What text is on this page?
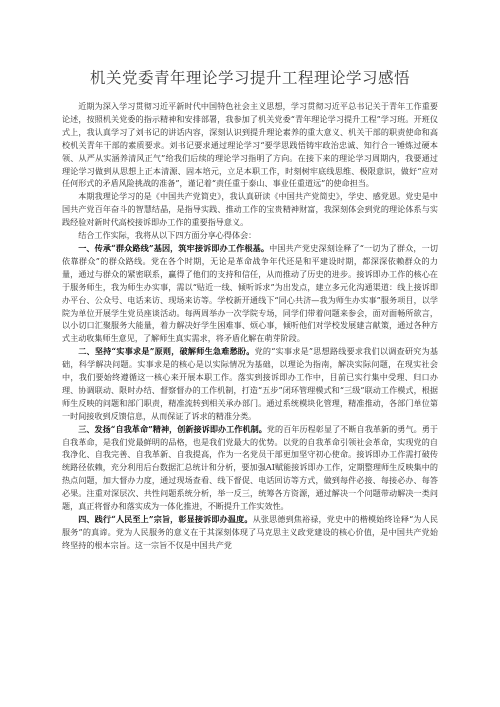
机关党委青年理论学习提升工程理论学习感悟

近期为深入学习贯彻习近平新时代中国特色社会主义思想，学习贯彻习近平总书记关于青年工作重要论述，按照机关党委的指示精神和安排部署，我参加了机关党委“青年理论学习提升工程”学习班。开班仪式上，我认真学习了刘书记的讲话内容，深刻认识到提升理论素养的重大意义、机关干部的职责使命和高校机关青年干部的素质要求。刘书记要求通过理论学习“要学思践悟铸牢政治忠诚、知行合一锤炼过硬本领、从严从实涵养清风正气”给我们后续的理论学习指明了方向。在接下来的理论学习周期内，我要通过理论学习做到从思想上正本清源、固本培元，立足本职工作，时刻树牢底线思维、极限意识，做好“应对任何形式的矛盾风险挑战的准备”，谨记着“责任重于泰山、事业任重道远”的使命担当。

本期我理论学习的是《中国共产党简史》，我认真研读《中国共产党简史》，学史、感党恩。党史是中国共产党百年奋斗的智慧结晶，是指导实践、推动工作的宝贵精神财富，我深刻体会到党的理论体系与实践经验对新时代高校接诉即办工作的重要指导意义。

结合工作实际，我将从以下四方面分享心得体会：

一、传承“群众路线”基因，筑牢接诉即办工作根基。中国共产党史深刻诠释了“一切为了群众，一切依靠群众”的群众路线。党在各个时期，无论是革命战争年代还是和平建设时期，都深深依赖群众的力量，通过与群众的紧密联系，赢得了他们的支持和信任，从而推动了历史的进步。接诉即办工作的核心在于服务师生，我为师生办实事，需以“贴近一线、倾听诉求”为出发点，建立多元化沟通渠道：线上接诉即办平台、公众号、电话来访、现场来访等。学校新开通线下“同心共济—我为师生办实事”服务项目，以学院为单位开展学生党员座谈活动。每两周举办一次学院专场，同学们带着问题来参会，面对面畅所欲言，以小切口汇聚服务大能量，着力解决好学生困难事、烦心事，倾听他们对学校发展建言献策，通过各种方式主动收集师生意见，了解师生真实需求，将矛盾化解在萌芽阶段。

二、坚持“实事求是”原则，破解师生急难愁盼。党的“实事求是”思想路线要求我们以调查研究为基础，科学解决问题。实事求是的核心是以实际情况为基础，以理论为指南，解决实际问题，在现实社会中，我们要始终遵循这一核心来开展本职工作。落实到接诉即办工作中，目前已实行集中受理、归口办理、协调联动、限时办结、督察督办的工作机制，打造“五步”闭环管理模式和“三级”联动工作模式，根据师生反映的问题和部门职责，精准流转到相关承办部门。通过系统模块化管理，精准推动，各部门单位第一时间接收到反馈信息，从而保证了诉求的精准分类。

三、发扬“自我革命”精神，创新接诉即办工作机制。党的百年历程彰显了不断自我革新的勇气。勇于自我革命，是我们党最鲜明的品格，也是我们党最大的优势。以党的自我革命引领社会革命，实现党的自我净化、自我完善、自我革新、自我提高，作为一名党员干部更加坚守初心使命。接诉即办工作需打破传统路径依赖，充分利用后台数据汇总统计和分析，要加强AI赋能接诉即办工作，定期整理师生反映集中的热点问题，加大督办力度，通过现场查看、线下督促、电话回访等方式，做到每件必接、每接必办、每答必果。注重对深层次、共性问题系统分析，举一反三，统筹各方资源，通过解决一个问题带动解决一类问题，真正将督办和落实成为一体化推进，不断提升工作实效性。

四、践行“人民至上”宗旨，彰显接诉即办温度。从张思德到焦裕禄，党史中的楷模始终诠释“为人民服务”的真谛。党为人民服务的意义在于其深刻体现了马克思主义政党建设的核心价值，是中国共产党始终坚持的根本宗旨。这一宗旨不仅是中国共产党
